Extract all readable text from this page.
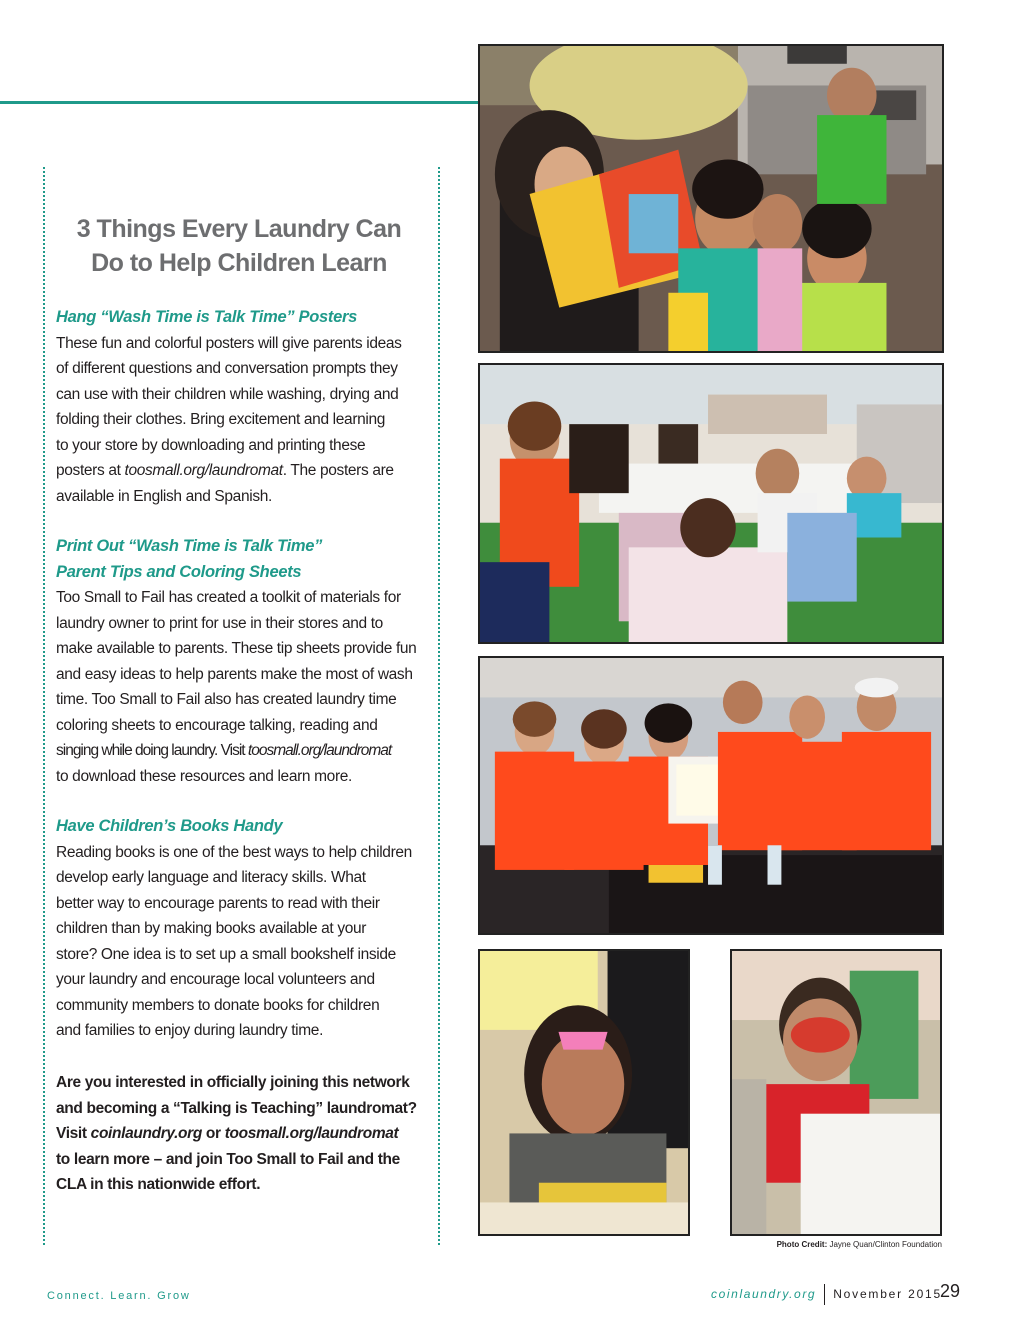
3 Things Every Laundry Can
Do to Help Children Learn
Hang “Wash Time is Talk Time” Posters
These fun and colorful posters will give parents ideas
of different questions and conversation prompts they
can use with their children while washing, drying and
folding their clothes. Bring excitement and learning
to your store by downloading and printing these
posters at toosmall.org/laundromat. The posters are
available in English and Spanish.
Print Out “Wash Time is Talk Time”
Parent Tips and Coloring Sheets
Too Small to Fail has created a toolkit of materials for
laundry owner to print for use in their stores and to
make available to parents. These tip sheets provide fun
and easy ideas to help parents make the most of wash
time. Too Small to Fail also has created laundry time
coloring sheets to encourage talking, reading and
singing while doing laundry. Visit toosmall.org/laundromat
to download these resources and learn more.
Have Children’s Books Handy
Reading books is one of the best ways to help children
develop early language and literacy skills. What
better way to encourage parents to read with their
children than by making books available at your
store? One idea is to set up a small bookshelf inside
your laundry and encourage local volunteers and
community members to donate books for children
and families to enjoy during laundry time.
Are you interested in officially joining this network
and becoming a “Talking is Teaching” laundromat?
Visit coinlaundry.org or toosmall.org/laundromat
to learn more – and join Too Small to Fail and the
CLA in this nationwide effort.
Photo Credit: Jayne Quan/Clinton Foundation
Connect. Learn. Grow	coinlaundry.org November 2015
29
